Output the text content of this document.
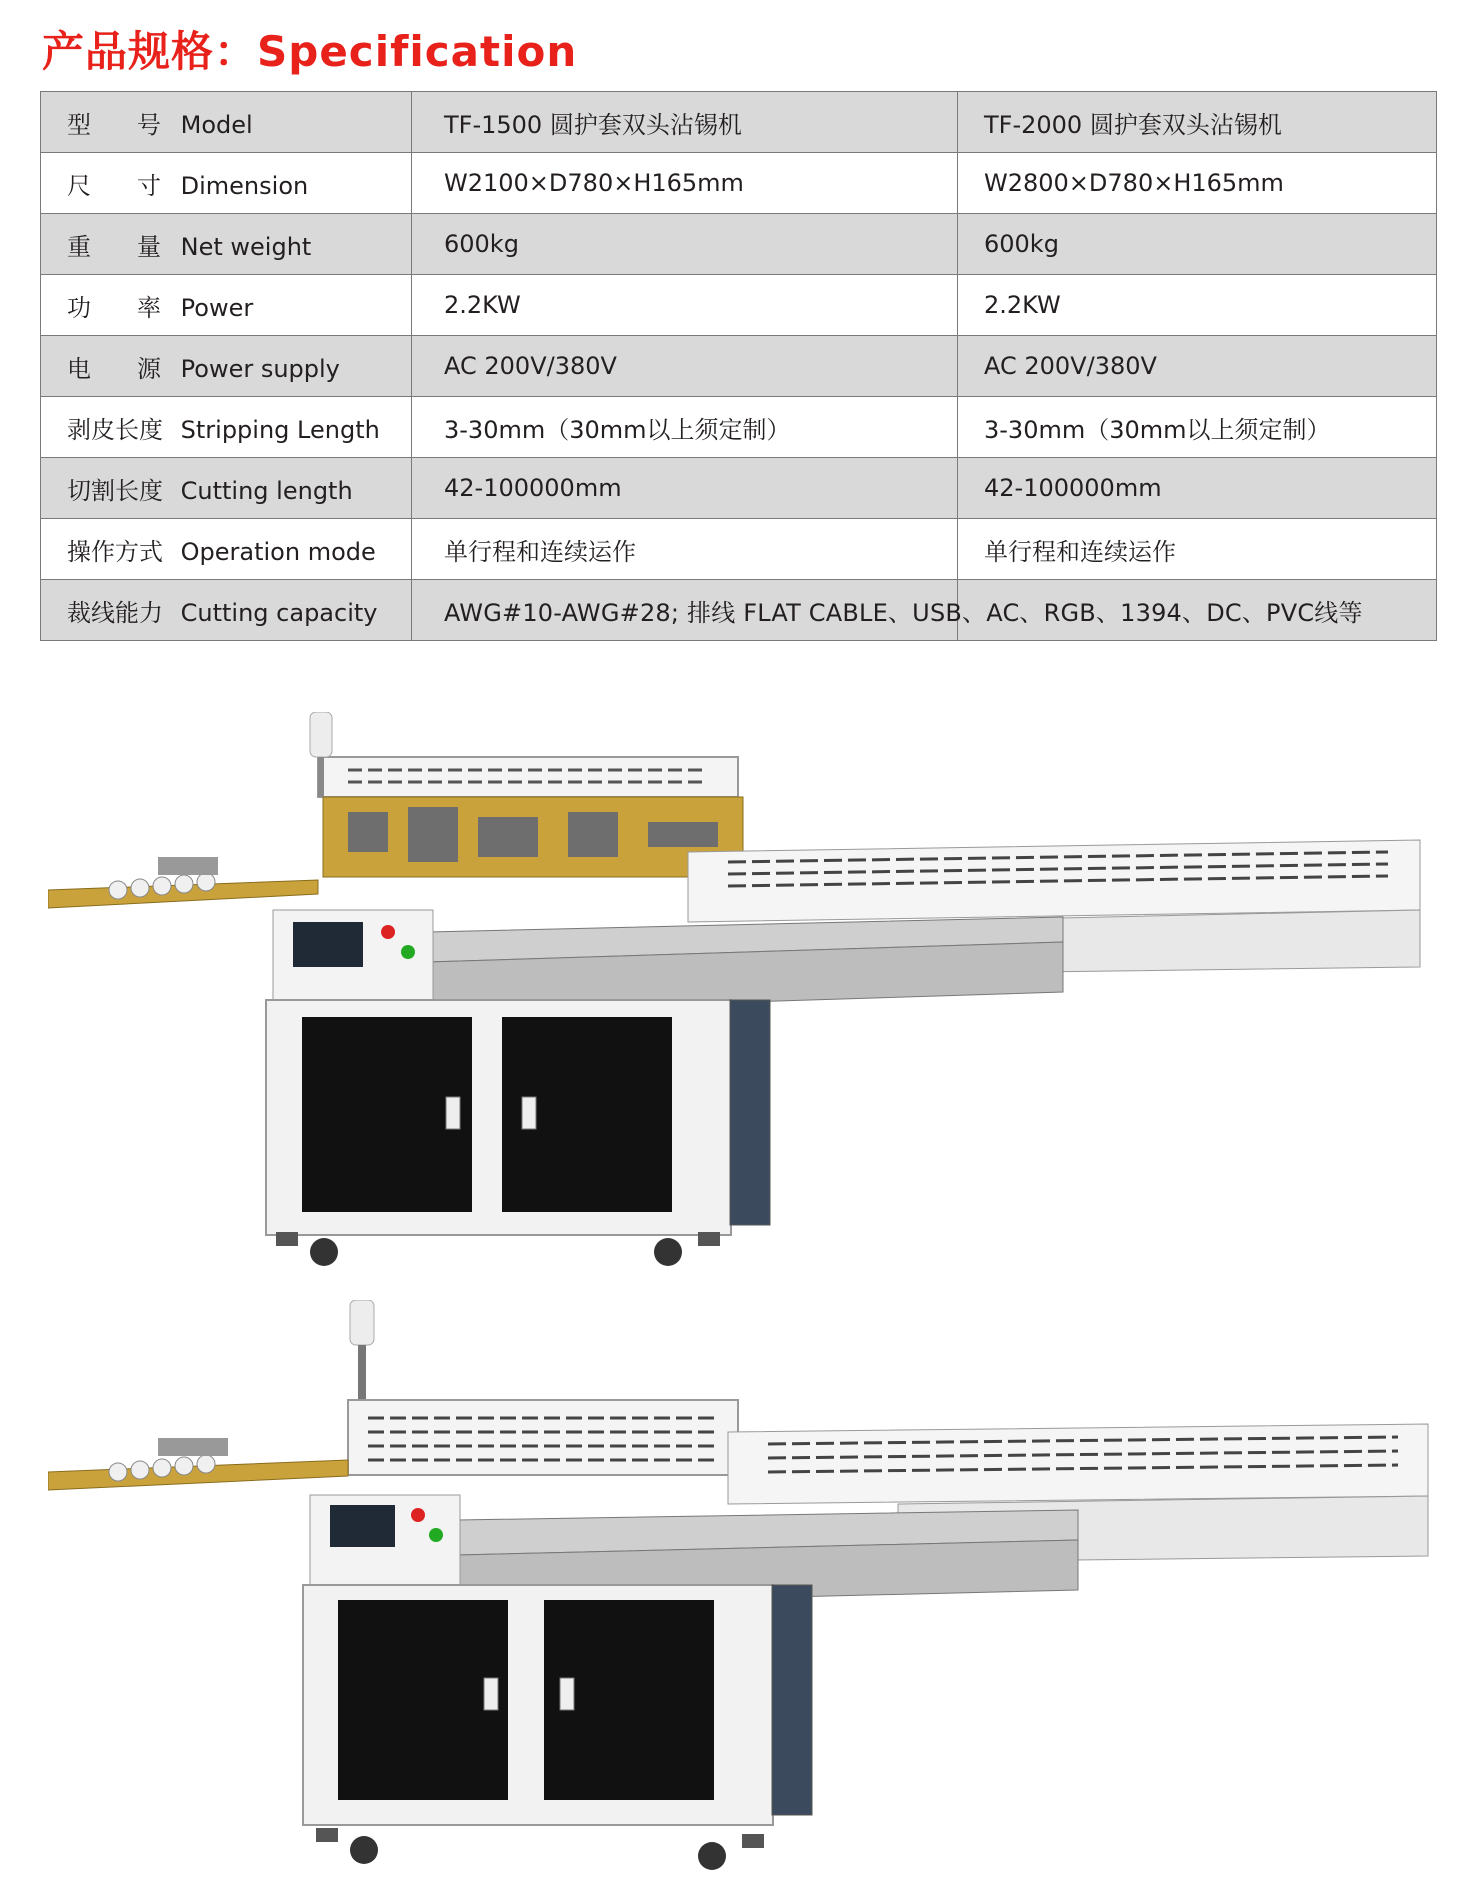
产品规格：Specification
型 号 Model	TF-1500 圆护套双头沾锡机	TF-2000 圆护套双头沾锡机
尺 寸 Dimension	W2100×D780×H165mm	W2800×D780×H165mm
重 量 Net weight	600kg	600kg
功 率 Power	2.2KW	2.2KW
电 源 Power supply	AC 200V/380V	AC 200V/380V
剥皮长度 Stripping Length	3-30mm（30mm以上须定制）	3-30mm（30mm以上须定制）
切割长度 Cutting length	42-100000mm	42-100000mm
操作方式 Operation mode	单行程和连续运作	单行程和连续运作
裁线能力 Cutting capacity	AWG#10-AWG#28; 排线 FLAT CABLE、USB、AC、RGB、1394、DC、PVC线等	
